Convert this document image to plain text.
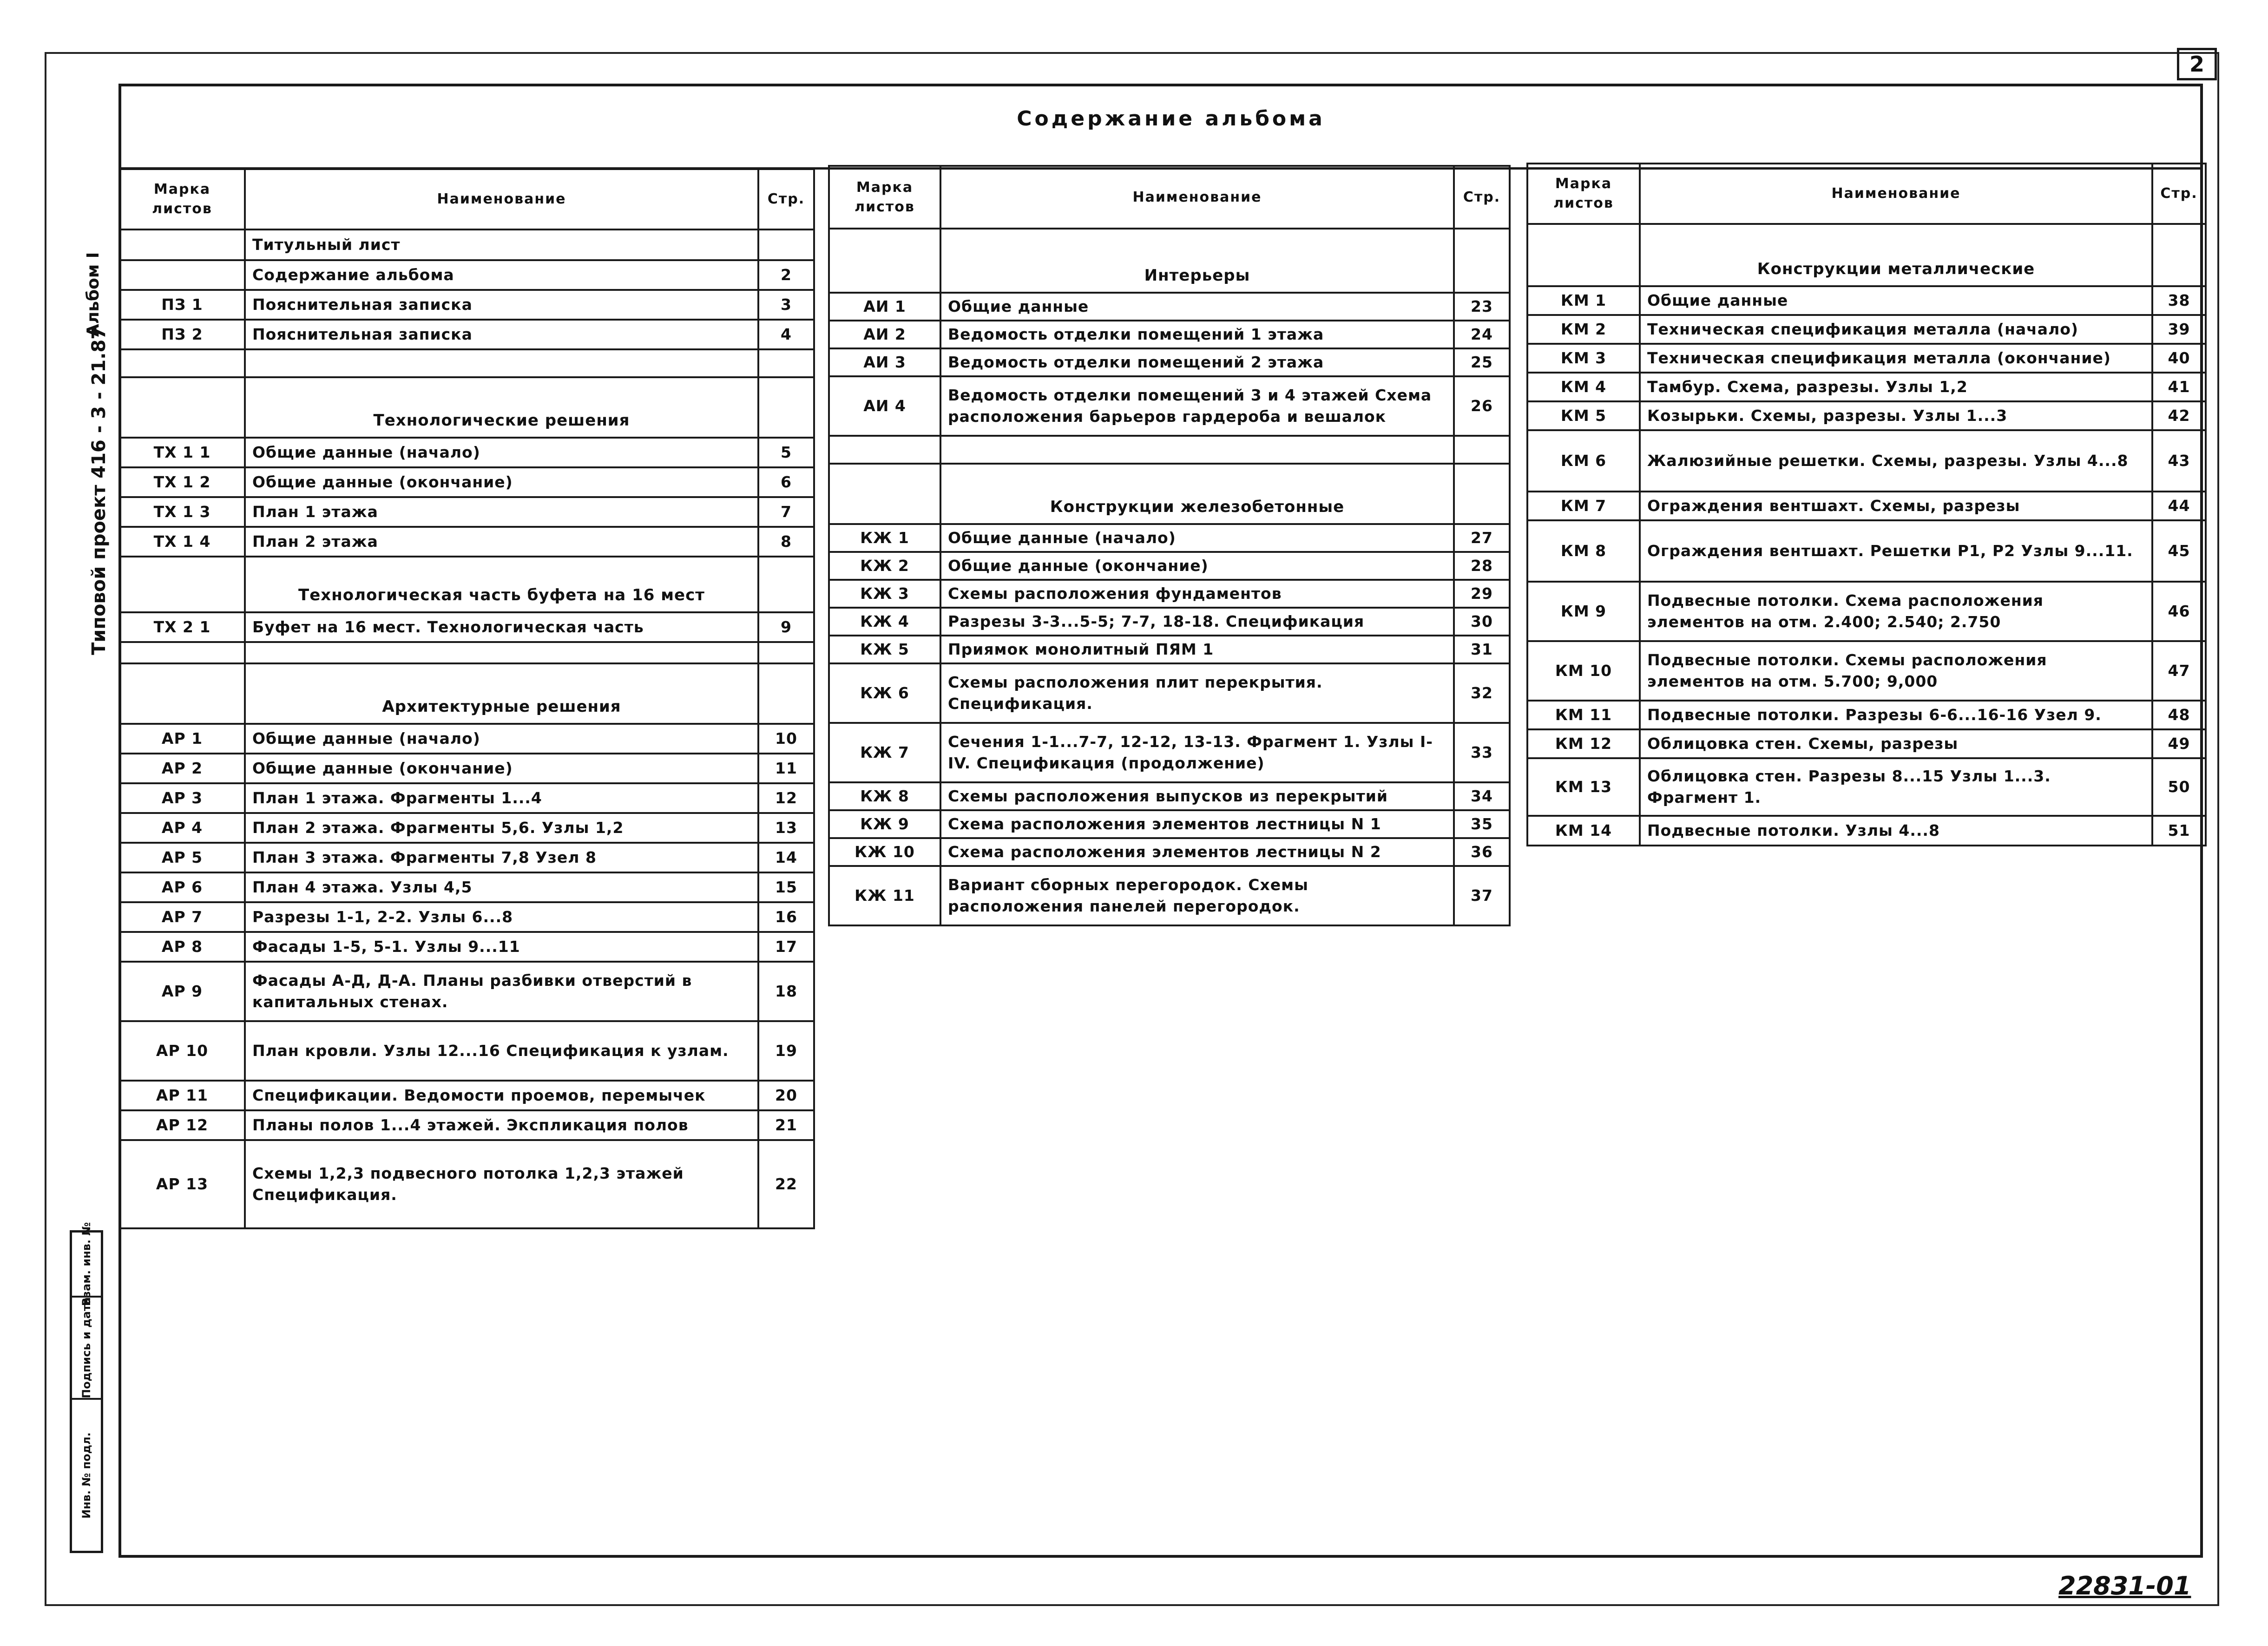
2
Содержание альбома
Типовой проект 416 - 3 - 21.87
Альбом I
Взам. инв. №
Подпись и дата
Инв. № подл.
22831-01
Марка листов	Наименование	Стр.
	Титульный лист	
	Содержание альбома	2
ПЗ 1	Пояснительная записка	3
ПЗ 2	Пояснительная записка	4

	Технологические решения	
ТХ 1 1	Общие данные (начало)	5
ТХ 1 2	Общие данные (окончание)	6
ТХ 1 3	План 1 этажа	7
ТХ 1 4	План 2 этажа	8
	Технологическая часть буфета на 16 мест	
ТХ 2 1	Буфет на 16 мест. Технологическая часть	9

	Архитектурные решения	
АР 1	Общие данные (начало)	10
АР 2	Общие данные (окончание)	11
АР 3	План 1 этажа. Фрагменты 1...4	12
АР 4	План 2 этажа. Фрагменты 5,6. Узлы 1,2	13
АР 5	План 3 этажа. Фрагменты 7,8 Узел 8	14
АР 6	План 4 этажа. Узлы 4,5	15
АР 7	Разрезы 1-1, 2-2. Узлы 6...8	16
АР 8	Фасады 1-5, 5-1. Узлы 9...11	17
АР 9	Фасады А-Д, Д-А. Планы разбивки отверстий в капитальных стенах.	18
АР 10	План кровли. Узлы 12...16 Спецификация к узлам.	19
АР 11	Спецификации. Ведомости проемов, перемычек	20
АР 12	Планы полов 1...4 этажей. Экспликация полов	21
АР 13	Схемы 1,2,3 подвесного потолка 1,2,3 этажей Спецификация.	22
Марка листов	Наименование	Стр.
	Интерьеры	
АИ 1	Общие данные	23
АИ 2	Ведомость отделки помещений 1 этажа	24
АИ 3	Ведомость отделки помещений 2 этажа	25
АИ 4	Ведомость отделки помещений 3 и 4 этажей Схема расположения барьеров гардероба и вешалок	26

	Конструкции железобетонные	
КЖ 1	Общие данные (начало)	27
КЖ 2	Общие данные (окончание)	28
КЖ 3	Схемы расположения фундаментов	29
КЖ 4	Разрезы 3-3...5-5; 7-7, 18-18. Спецификация	30
КЖ 5	Приямок монолитный ПЯМ 1	31
КЖ 6	Схемы расположения плит перекрытия. Спецификация.	32
КЖ 7	Сечения 1-1...7-7, 12-12, 13-13. Фрагмент 1. Узлы I-IV. Спецификация (продолжение)	33
КЖ 8	Схемы расположения выпусков из перекрытий	34
КЖ 9	Схема расположения элементов лестницы N 1	35
КЖ 10	Схема расположения элементов лестницы N 2	36
КЖ 11	Вариант сборных перегородок. Схемы расположения панелей перегородок.	37
Марка листов	Наименование	Стр.
	Конструкции металлические	
КМ 1	Общие данные	38
КМ 2	Техническая спецификация металла (начало)	39
КМ 3	Техническая спецификация металла (окончание)	40
КМ 4	Тамбур. Схема, разрезы. Узлы 1,2	41
КМ 5	Козырьки. Схемы, разрезы. Узлы 1...3	42
КМ 6	Жалюзийные решетки. Схемы, разрезы. Узлы 4...8	43
КМ 7	Ограждения вентшахт. Схемы, разрезы	44
КМ 8	Ограждения вентшахт. Решетки Р1, Р2 Узлы 9...11.	45
КМ 9	Подвесные потолки. Схема расположения элементов на отм. 2.400; 2.540; 2.750	46
КМ 10	Подвесные потолки. Схемы расположения элементов на отм. 5.700; 9,000	47
КМ 11	Подвесные потолки. Разрезы 6-6...16-16 Узел 9.	48
КМ 12	Облицовка стен. Схемы, разрезы	49
КМ 13	Облицовка стен. Разрезы 8...15 Узлы 1...3. Фрагмент 1.	50
КМ 14	Подвесные потолки. Узлы 4...8	51
